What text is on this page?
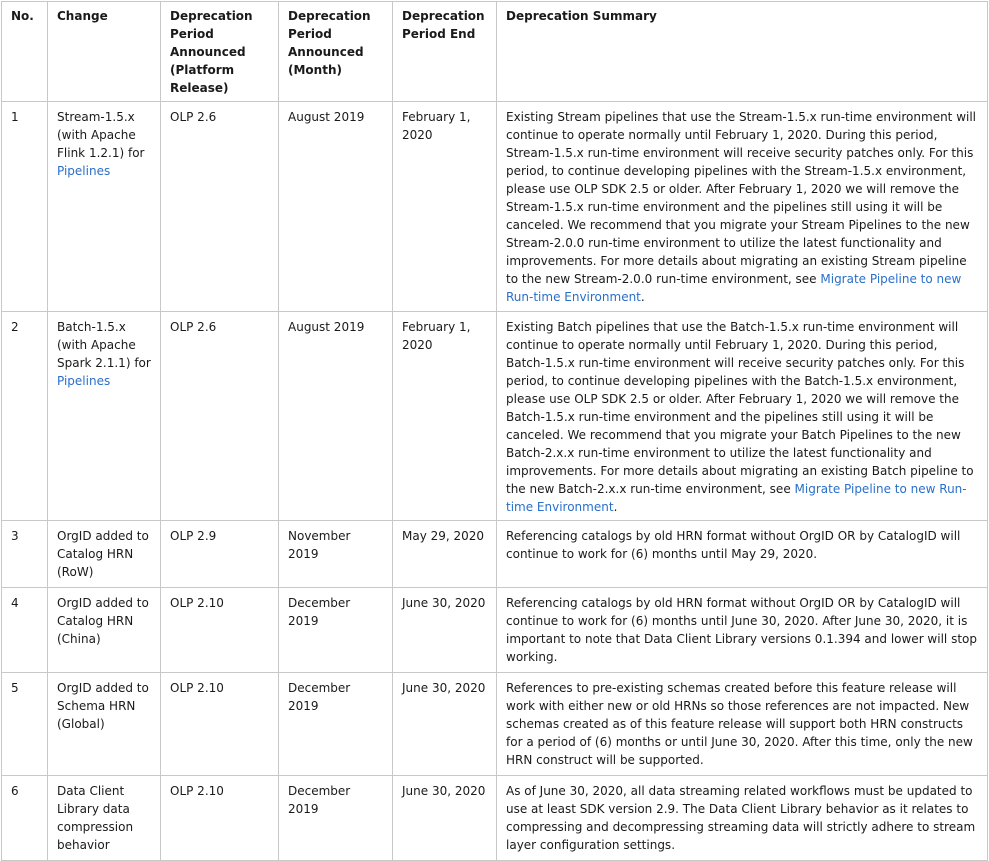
No.	Change	Deprecation Period Announced (Platform Release)	Deprecation Period Announced (Month)	Deprecation Period End	Deprecation Summary
1	Stream-1.5.x (with Apache Flink 1.2.1) for Pipelines	OLP 2.6	August 2019	February 1, 2020	Existing Stream pipelines that use the Stream-1.5.x run-time environment will continue to operate normally until February 1, 2020. During this period, Stream-1.5.x run-time environment will receive security patches only. For this period, to continue developing pipelines with the Stream-1.5.x environment, please use OLP SDK 2.5 or older. After February 1, 2020 we will remove the Stream-1.5.x run-time environment and the pipelines still using it will be canceled. We recommend that you migrate your Stream Pipelines to the new Stream-2.0.0 run-time environment to utilize the latest functionality and improvements. For more details about migrating an existing Stream pipeline to the new Stream-2.0.0 run-time environment, see Migrate Pipeline to new Run-time Environment.
2	Batch-1.5.x (with Apache Spark 2.1.1) for Pipelines	OLP 2.6	August 2019	February 1, 2020	Existing Batch pipelines that use the Batch-1.5.x run-time environment will continue to operate normally until February 1, 2020. During this period, Batch-1.5.x run-time environment will receive security patches only. For this period, to continue developing pipelines with the Batch-1.5.x environment, please use OLP SDK 2.5 or older. After February 1, 2020 we will remove the Batch-1.5.x run-time environment and the pipelines still using it will be canceled. We recommend that you migrate your Batch Pipelines to the new Batch-2.x.x run-time environment to utilize the latest functionality and improvements. For more details about migrating an existing Batch pipeline to the new Batch-2.x.x run-time environment, see Migrate Pipeline to new Run-time Environment.
3	OrgID added to Catalog HRN (RoW)	OLP 2.9	November 2019	May 29, 2020	Referencing catalogs by old HRN format without OrgID OR by CatalogID will continue to work for (6) months until May 29, 2020.
4	OrgID added to Catalog HRN (China)	OLP 2.10	December 2019	June 30, 2020	Referencing catalogs by old HRN format without OrgID OR by CatalogID will continue to work for (6) months until June 30, 2020. After June 30, 2020, it is important to note that Data Client Library versions 0.1.394 and lower will stop working.
5	OrgID added to Schema HRN (Global)	OLP 2.10	December 2019	June 30, 2020	References to pre-existing schemas created before this feature release will work with either new or old HRNs so those references are not impacted. New schemas created as of this feature release will support both HRN constructs for a period of (6) months or until June 30, 2020. After this time, only the new HRN construct will be supported.
6	Data Client Library data compression behavior	OLP 2.10	December 2019	June 30, 2020	As of June 30, 2020, all data streaming related workflows must be updated to use at least SDK version 2.9. The Data Client Library behavior as it relates to compressing and decompressing streaming data will strictly adhere to stream layer configuration settings.
